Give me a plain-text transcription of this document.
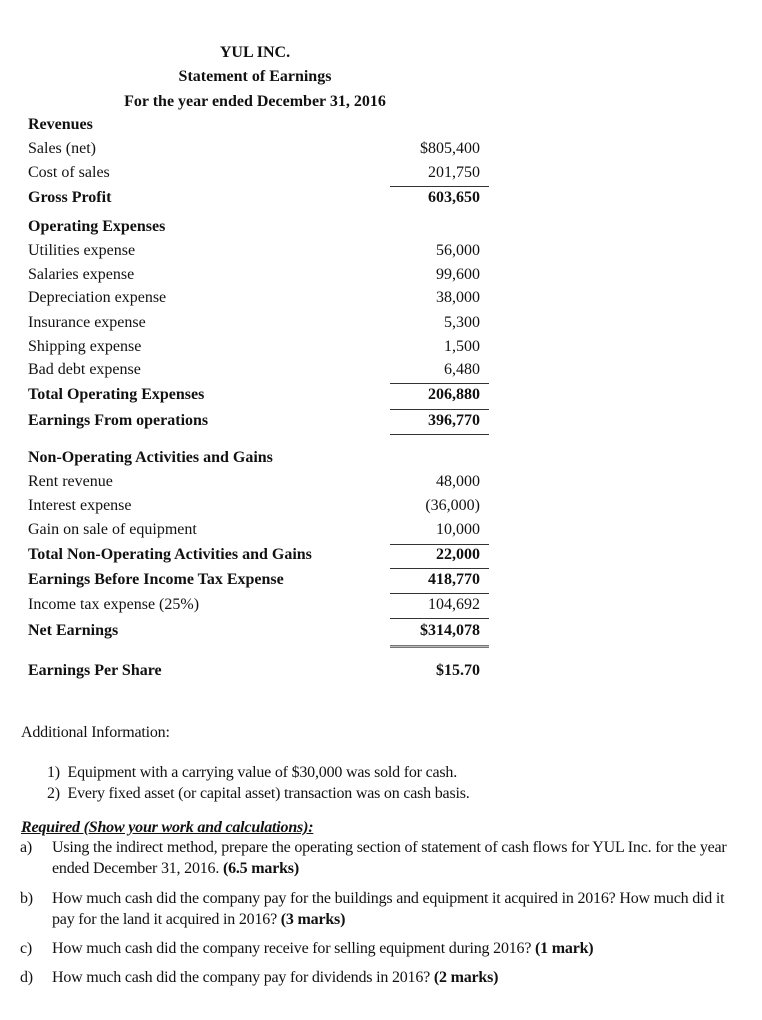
YUL INC.
Statement of Earnings
For the year ended December 31, 2016
Revenues
Sales (net)	$805,400
Cost of sales	201,750
Gross Profit	603,650
Operating Expenses
Utilities expense	56,000
Salaries expense	99,600
Depreciation expense	38,000
Insurance expense	5,300
Shipping expense	1,500
Bad debt expense	6,480
Total Operating Expenses	206,880
Earnings From operations	396,770
Non-Operating Activities and Gains
Rent revenue	48,000
Interest expense	(36,000)
Gain on sale of equipment	10,000
Total Non-Operating Activities and Gains	22,000
Earnings Before Income Tax Expense	418,770
Income tax expense (25%)	104,692
Net Earnings	$314,078
Earnings Per Share	$15.70
Additional Information:
1) Equipment with a carrying value of $30,000 was sold for cash.
2) Every fixed asset (or capital asset) transaction was on cash basis.
Required (Show your work and calculations):
a) Using the indirect method, prepare the operating section of statement of cash flows for YUL Inc. for the year ended December 31, 2016. (6.5 marks)
b) How much cash did the company pay for the buildings and equipment it acquired in 2016? How much did it pay for the land it acquired in 2016? (3 marks)
c) How much cash did the company receive for selling equipment during 2016? (1 mark)
d) How much cash did the company pay for dividends in 2016? (2 marks)
